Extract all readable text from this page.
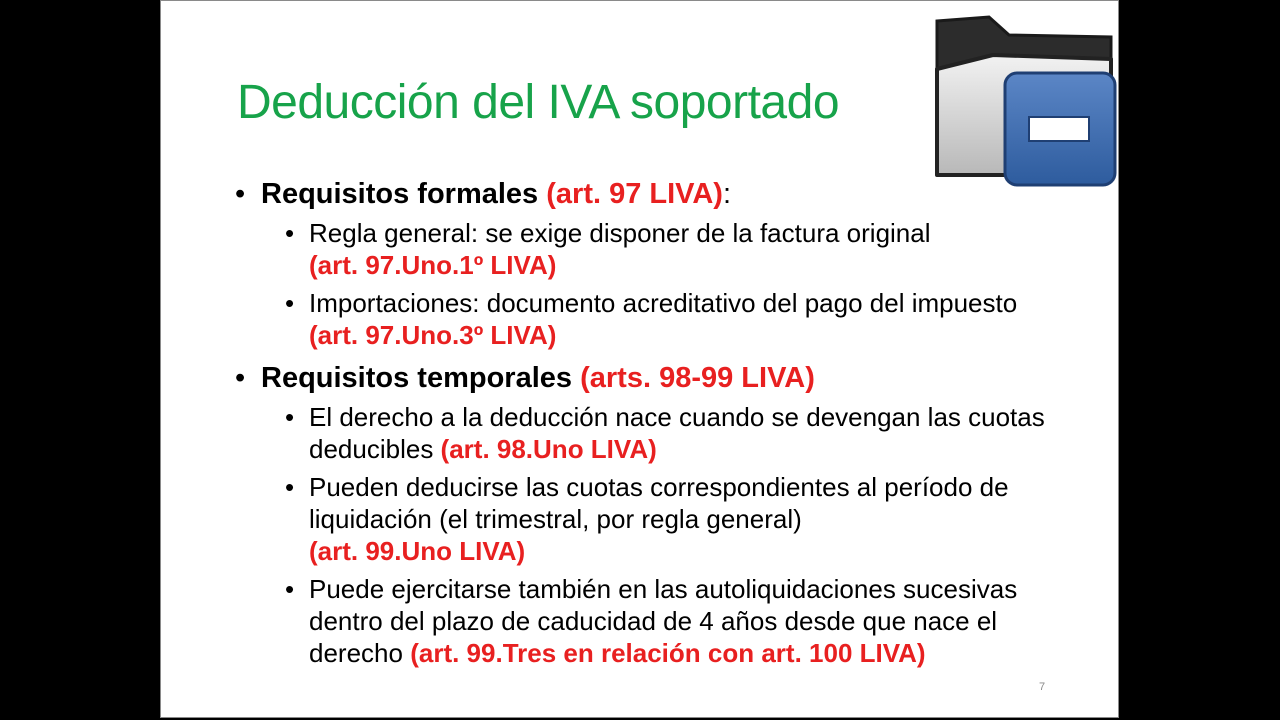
Deducción del IVA soportado
• Requisitos formales (art. 97 LIVA):
• Regla general: se exige disponer de la factura original
(art. 97.Uno.1º LIVA)
• Importaciones: documento acreditativo del pago del impuesto (art. 97.Uno.3º LIVA)
• Requisitos temporales (arts. 98-99 LIVA)
• El derecho a la deducción nace cuando se devengan las cuotas deducibles (art. 98.Uno LIVA)
• Pueden deducirse las cuotas correspondientes al período de liquidación (el trimestral, por regla general)
(art. 99.Uno LIVA)
• Puede ejercitarse también en las autoliquidaciones sucesivas dentro del plazo de caducidad de 4 años desde que nace el derecho (art. 99.Tres en relación con art. 100 LIVA)
7
